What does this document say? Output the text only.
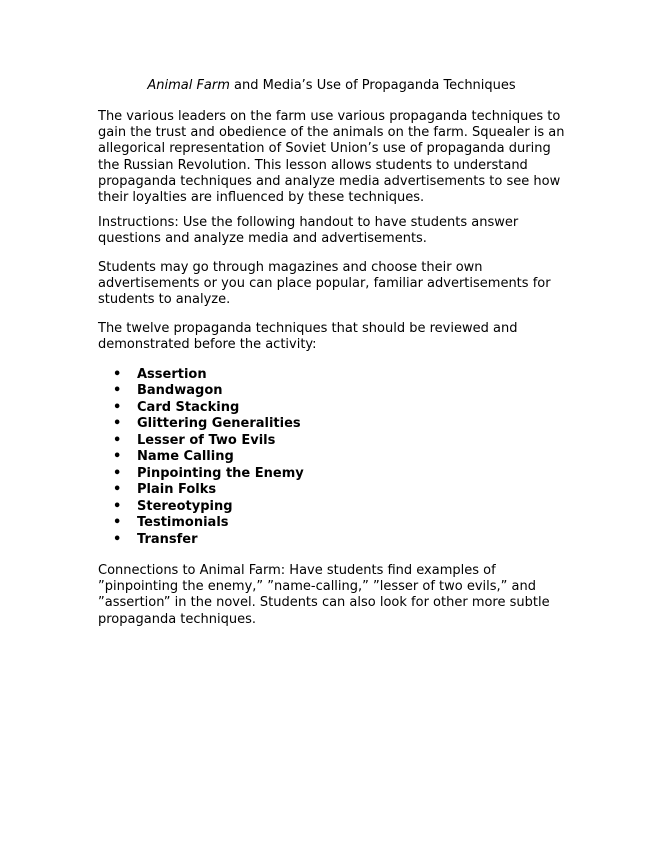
Animal Farm and Media’s Use of Propaganda Techniques

The various leaders on the farm use various propaganda techniques to
gain the trust and obedience of the animals on the farm. Squealer is an
allegorical representation of Soviet Union’s use of propaganda during
the Russian Revolution. This lesson allows students to understand
propaganda techniques and analyze media advertisements to see how
their loyalties are influenced by these techniques.

Instructions: Use the following handout to have students answer
questions and analyze media and advertisements.

Students may go through magazines and choose their own
advertisements or you can place popular, familiar advertisements for
students to analyze.

The twelve propaganda techniques that should be reviewed and
demonstrated before the activity:

• Assertion
• Bandwagon
• Card Stacking
• Glittering Generalities
• Lesser of Two Evils
• Name Calling
• Pinpointing the Enemy
• Plain Folks
• Stereotyping
• Testimonials
• Transfer

Connections to Animal Farm: Have students find examples of
”pinpointing the enemy,” ”name-calling,” ”lesser of two evils,” and
”assertion” in the novel. Students can also look for other more subtle
propaganda techniques.
